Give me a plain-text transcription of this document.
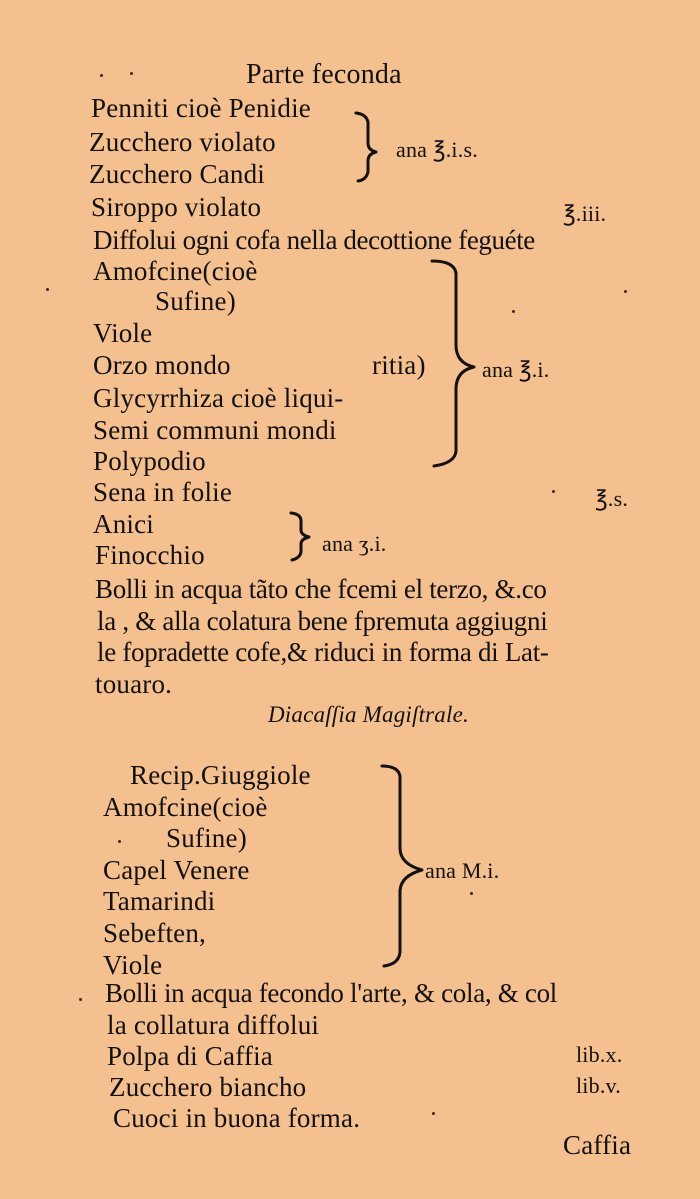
Parte feconda
Penniti cioè Penidie
Zucchero violato
Zucchero Candi
Siroppo violato
Diffolui ogni cofa nella decottione feguéte
Amofcine(cioè
Sufine)
Viole
Orzo mondo	ritia)
Glycyrrhiza cioè liqui-
Semi communi mondi
Polypodio
Sena in folie
Anici
Finocchio
Bolli in acqua tãto che fcemi el terzo, &.co
la , & alla colatura bene fpremuta aggiugni
le fopradette cofe,& riduci in forma di Lat-
touaro.
ana ℥.i.s.
℥.iii.
ana ℥.i.
℥.s.
ana ʒ.i.
Diacaſſia Magiſtrale.
Recip.Giuggiole
Amofcine(cioè
Sufine)
Capel Venere
Tamarindi
Sebeften,
Viole
Bolli in acqua fecondo l'arte, & cola, & col
la collatura diffolui
Polpa di Caffia
Zucchero biancho
Cuoci in buona forma.
ana M.i.
lib.x.
lib.v.
Caffia
